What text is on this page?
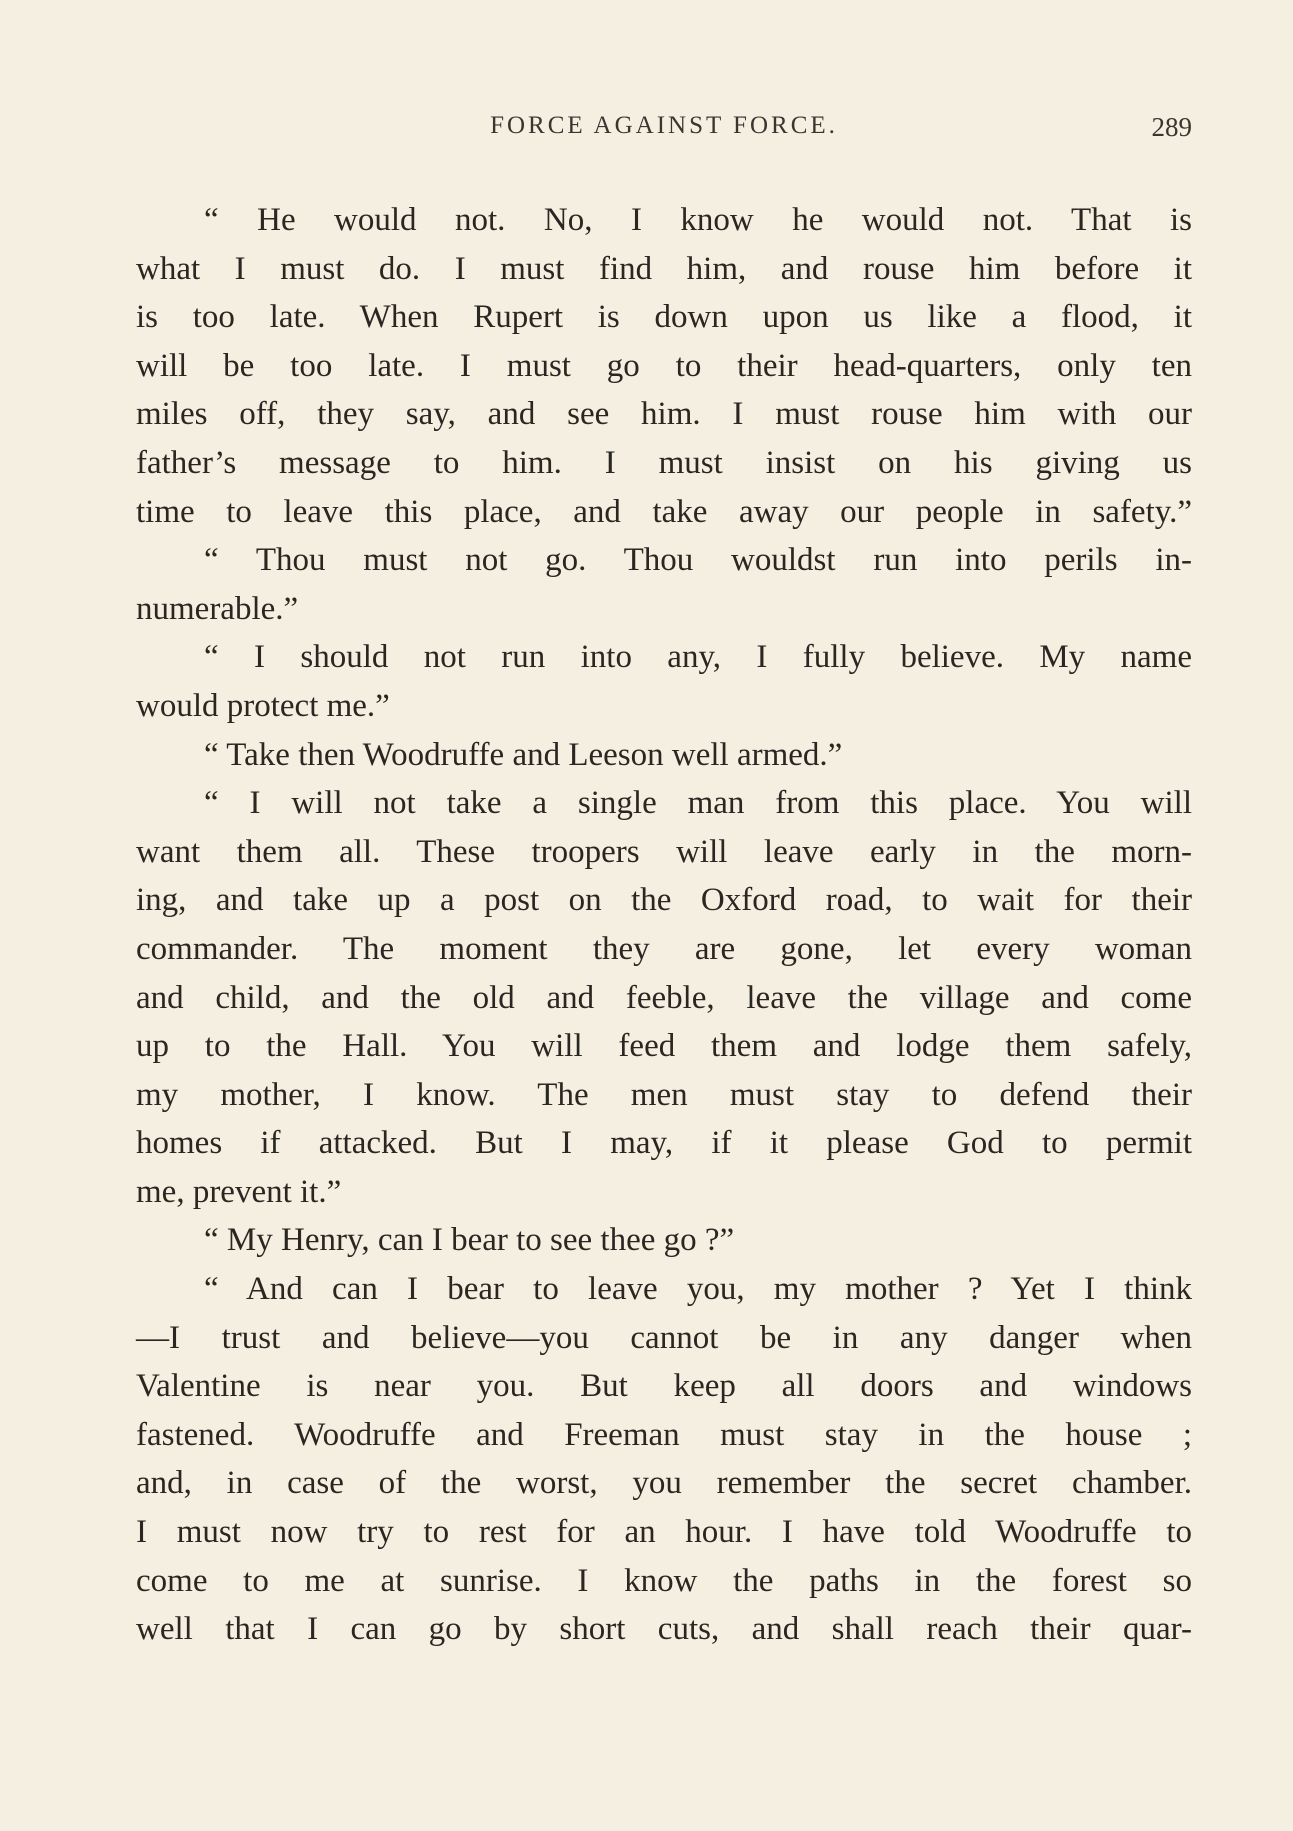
FORCE AGAINST FORCE.	289
“ He would not. No, I know he would not. That is
what I must do. I must find him, and rouse him before it
is too late. When Rupert is down upon us like a flood, it
will be too late. I must go to their head-quarters, only ten
miles off, they say, and see him. I must rouse him with our
father’s message to him. I must insist on his giving us
time to leave this place, and take away our people in safety.”
“ Thou must not go. Thou wouldst run into perils in-
numerable.”
“ I should not run into any, I fully believe. My name
would protect me.”
“ Take then Woodruffe and Leeson well armed.”
“ I will not take a single man from this place. You will
want them all. These troopers will leave early in the morn-
ing, and take up a post on the Oxford road, to wait for their
commander. The moment they are gone, let every woman
and child, and the old and feeble, leave the village and come
up to the Hall. You will feed them and lodge them safely,
my mother, I know. The men must stay to defend their
homes if attacked. But I may, if it please God to permit
me, prevent it.”
“ My Henry, can I bear to see thee go ?”
“ And can I bear to leave you, my mother ? Yet I think
—I trust and believe—you cannot be in any danger when
Valentine is near you. But keep all doors and windows
fastened. Woodruffe and Freeman must stay in the house ;
and, in case of the worst, you remember the secret chamber.
I must now try to rest for an hour. I have told Woodruffe to
come to me at sunrise. I know the paths in the forest so
well that I can go by short cuts, and shall reach their quar-
